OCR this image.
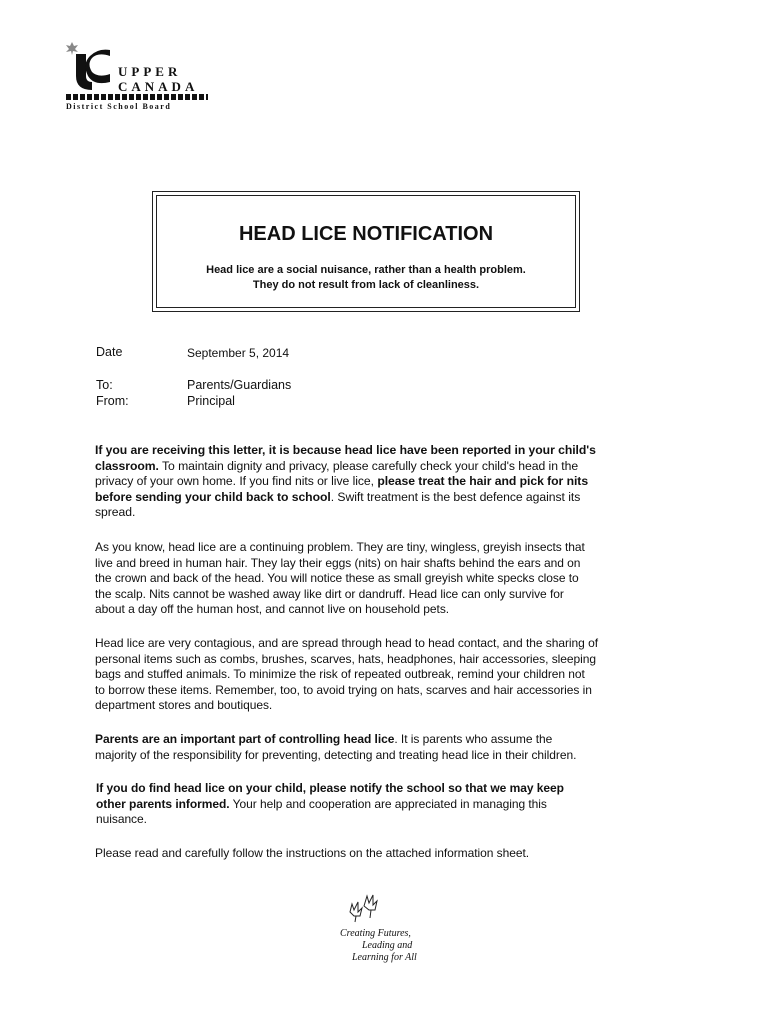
UPPER
CANADA
District School Board
HEAD LICE NOTIFICATION

Head lice are a social nuisance, rather than a health problem.
They do not result from lack of cleanliness.

Date	September 5, 2014
To:	Parents/Guardians
From:	Principal

If you are receiving this letter, it is because head lice have been reported in your child's
classroom. To maintain dignity and privacy, please carefully check your child's head in the
privacy of your own home. If you find nits or live lice, please treat the hair and pick for nits
before sending your child back to school. Swift treatment is the best defence against its
spread.

As you know, head lice are a continuing problem. They are tiny, wingless, greyish insects that
live and breed in human hair. They lay their eggs (nits) on hair shafts behind the ears and on
the crown and back of the head. You will notice these as small greyish white specks close to
the scalp. Nits cannot be washed away like dirt or dandruff. Head lice can only survive for
about a day off the human host, and cannot live on household pets.

Head lice are very contagious, and are spread through head to head contact, and the sharing of
personal items such as combs, brushes, scarves, hats, headphones, hair accessories, sleeping
bags and stuffed animals. To minimize the risk of repeated outbreak, remind your children not
to borrow these items. Remember, too, to avoid trying on hats, scarves and hair accessories in
department stores and boutiques.

Parents are an important part of controlling head lice. It is parents who assume the
majority of the responsibility for preventing, detecting and treating head lice in their children.

If you do find head lice on your child, please notify the school so that we may keep
other parents informed. Your help and cooperation are appreciated in managing this
nuisance.

Please read and carefully follow the instructions on the attached information sheet.

Creating Futures,
Leading and
Learning for All
